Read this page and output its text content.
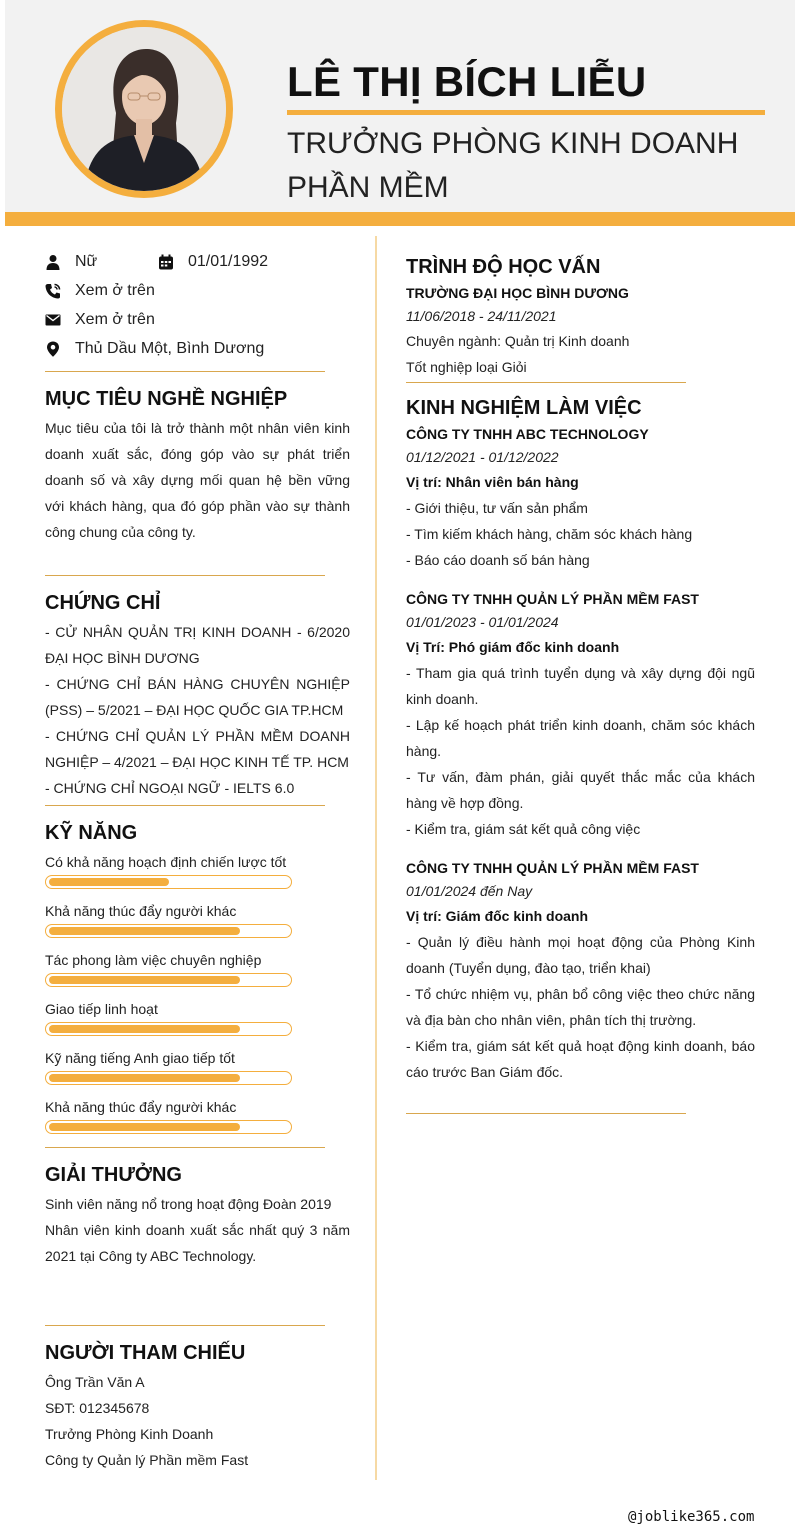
LÊ THỊ BÍCH LIỄU
TRƯỞNG PHÒNG KINH DOANH
PHẦN MỀM
Nữ	01/01/1992
Xem ở trên
Xem ở trên
Thủ Dầu Một, Bình Dương
MỤC TIÊU NGHỀ NGHIỆP
Mục tiêu của tôi là trở thành một nhân viên kinh doanh xuất sắc, đóng góp vào sự phát triển doanh số và xây dựng mối quan hệ bền vững với khách hàng, qua đó góp phần vào sự thành công chung của công ty.
CHỨNG CHỈ
- CỬ NHÂN QUẢN TRỊ KINH DOANH - 6/2020 ĐẠI HỌC BÌNH DƯƠNG
- CHỨNG CHỈ BÁN HÀNG CHUYÊN NGHIỆP (PSS) – 5/2021 – ĐẠI HỌC QUỐC GIA TP.HCM
- CHỨNG CHỈ QUẢN LÝ PHẦN MỀM DOANH NGHIỆP – 4/2021 – ĐẠI HỌC KINH TẾ TP. HCM
- CHỨNG CHỈ NGOẠI NGỮ - IELTS 6.0
KỸ NĂNG
Có khả năng hoạch định chiến lược tốt
Khả năng thúc đẩy người khác
Tác phong làm việc chuyên nghiệp
Giao tiếp linh hoạt
Kỹ năng tiếng Anh giao tiếp tốt
Khả năng thúc đẩy người khác
GIẢI THƯỞNG
Sinh viên năng nổ trong hoạt động Đoàn 2019
Nhân viên kinh doanh xuất sắc nhất quý 3 năm 2021 tại Công ty ABC Technology.
NGƯỜI THAM CHIẾU
Ông Trần Văn A
SĐT: 012345678
Trưởng Phòng Kinh Doanh
Công ty Quản lý Phần mềm Fast
TRÌNH ĐỘ HỌC VẤN
TRƯỜNG ĐẠI HỌC BÌNH DƯƠNG
11/06/2018 - 24/11/2021
Chuyên ngành: Quản trị Kinh doanh
Tốt nghiệp loại Giỏi
KINH NGHIỆM LÀM VIỆC
CÔNG TY TNHH ABC TECHNOLOGY
01/12/2021 - 01/12/2022
Vị trí: Nhân viên bán hàng
- Giới thiệu, tư vấn sản phẩm
- Tìm kiếm khách hàng, chăm sóc khách hàng
- Báo cáo doanh số bán hàng
CÔNG TY TNHH QUẢN LÝ PHẦN MỀM FAST
01/01/2023 - 01/01/2024
Vị Trí: Phó giám đốc kinh doanh
- Tham gia quá trình tuyển dụng và xây dựng đội ngũ kinh doanh.
- Lập kế hoạch phát triển kinh doanh, chăm sóc khách hàng.
- Tư vấn, đàm phán, giải quyết thắc mắc của khách hàng về hợp đồng.
- Kiểm tra, giám sát kết quả công việc
CÔNG TY TNHH QUẢN LÝ PHẦN MỀM FAST
01/01/2024 đến Nay
Vị trí: Giám đốc kinh doanh
- Quản lý điều hành mọi hoạt động của Phòng Kinh doanh (Tuyển dụng, đào tạo, triển khai)
- Tổ chức nhiệm vụ, phân bổ công việc theo chức năng và địa bàn cho nhân viên, phân tích thị trường.
- Kiểm tra, giám sát kết quả hoạt động kinh doanh, báo cáo trước Ban Giám đốc.
@joblike365.com
